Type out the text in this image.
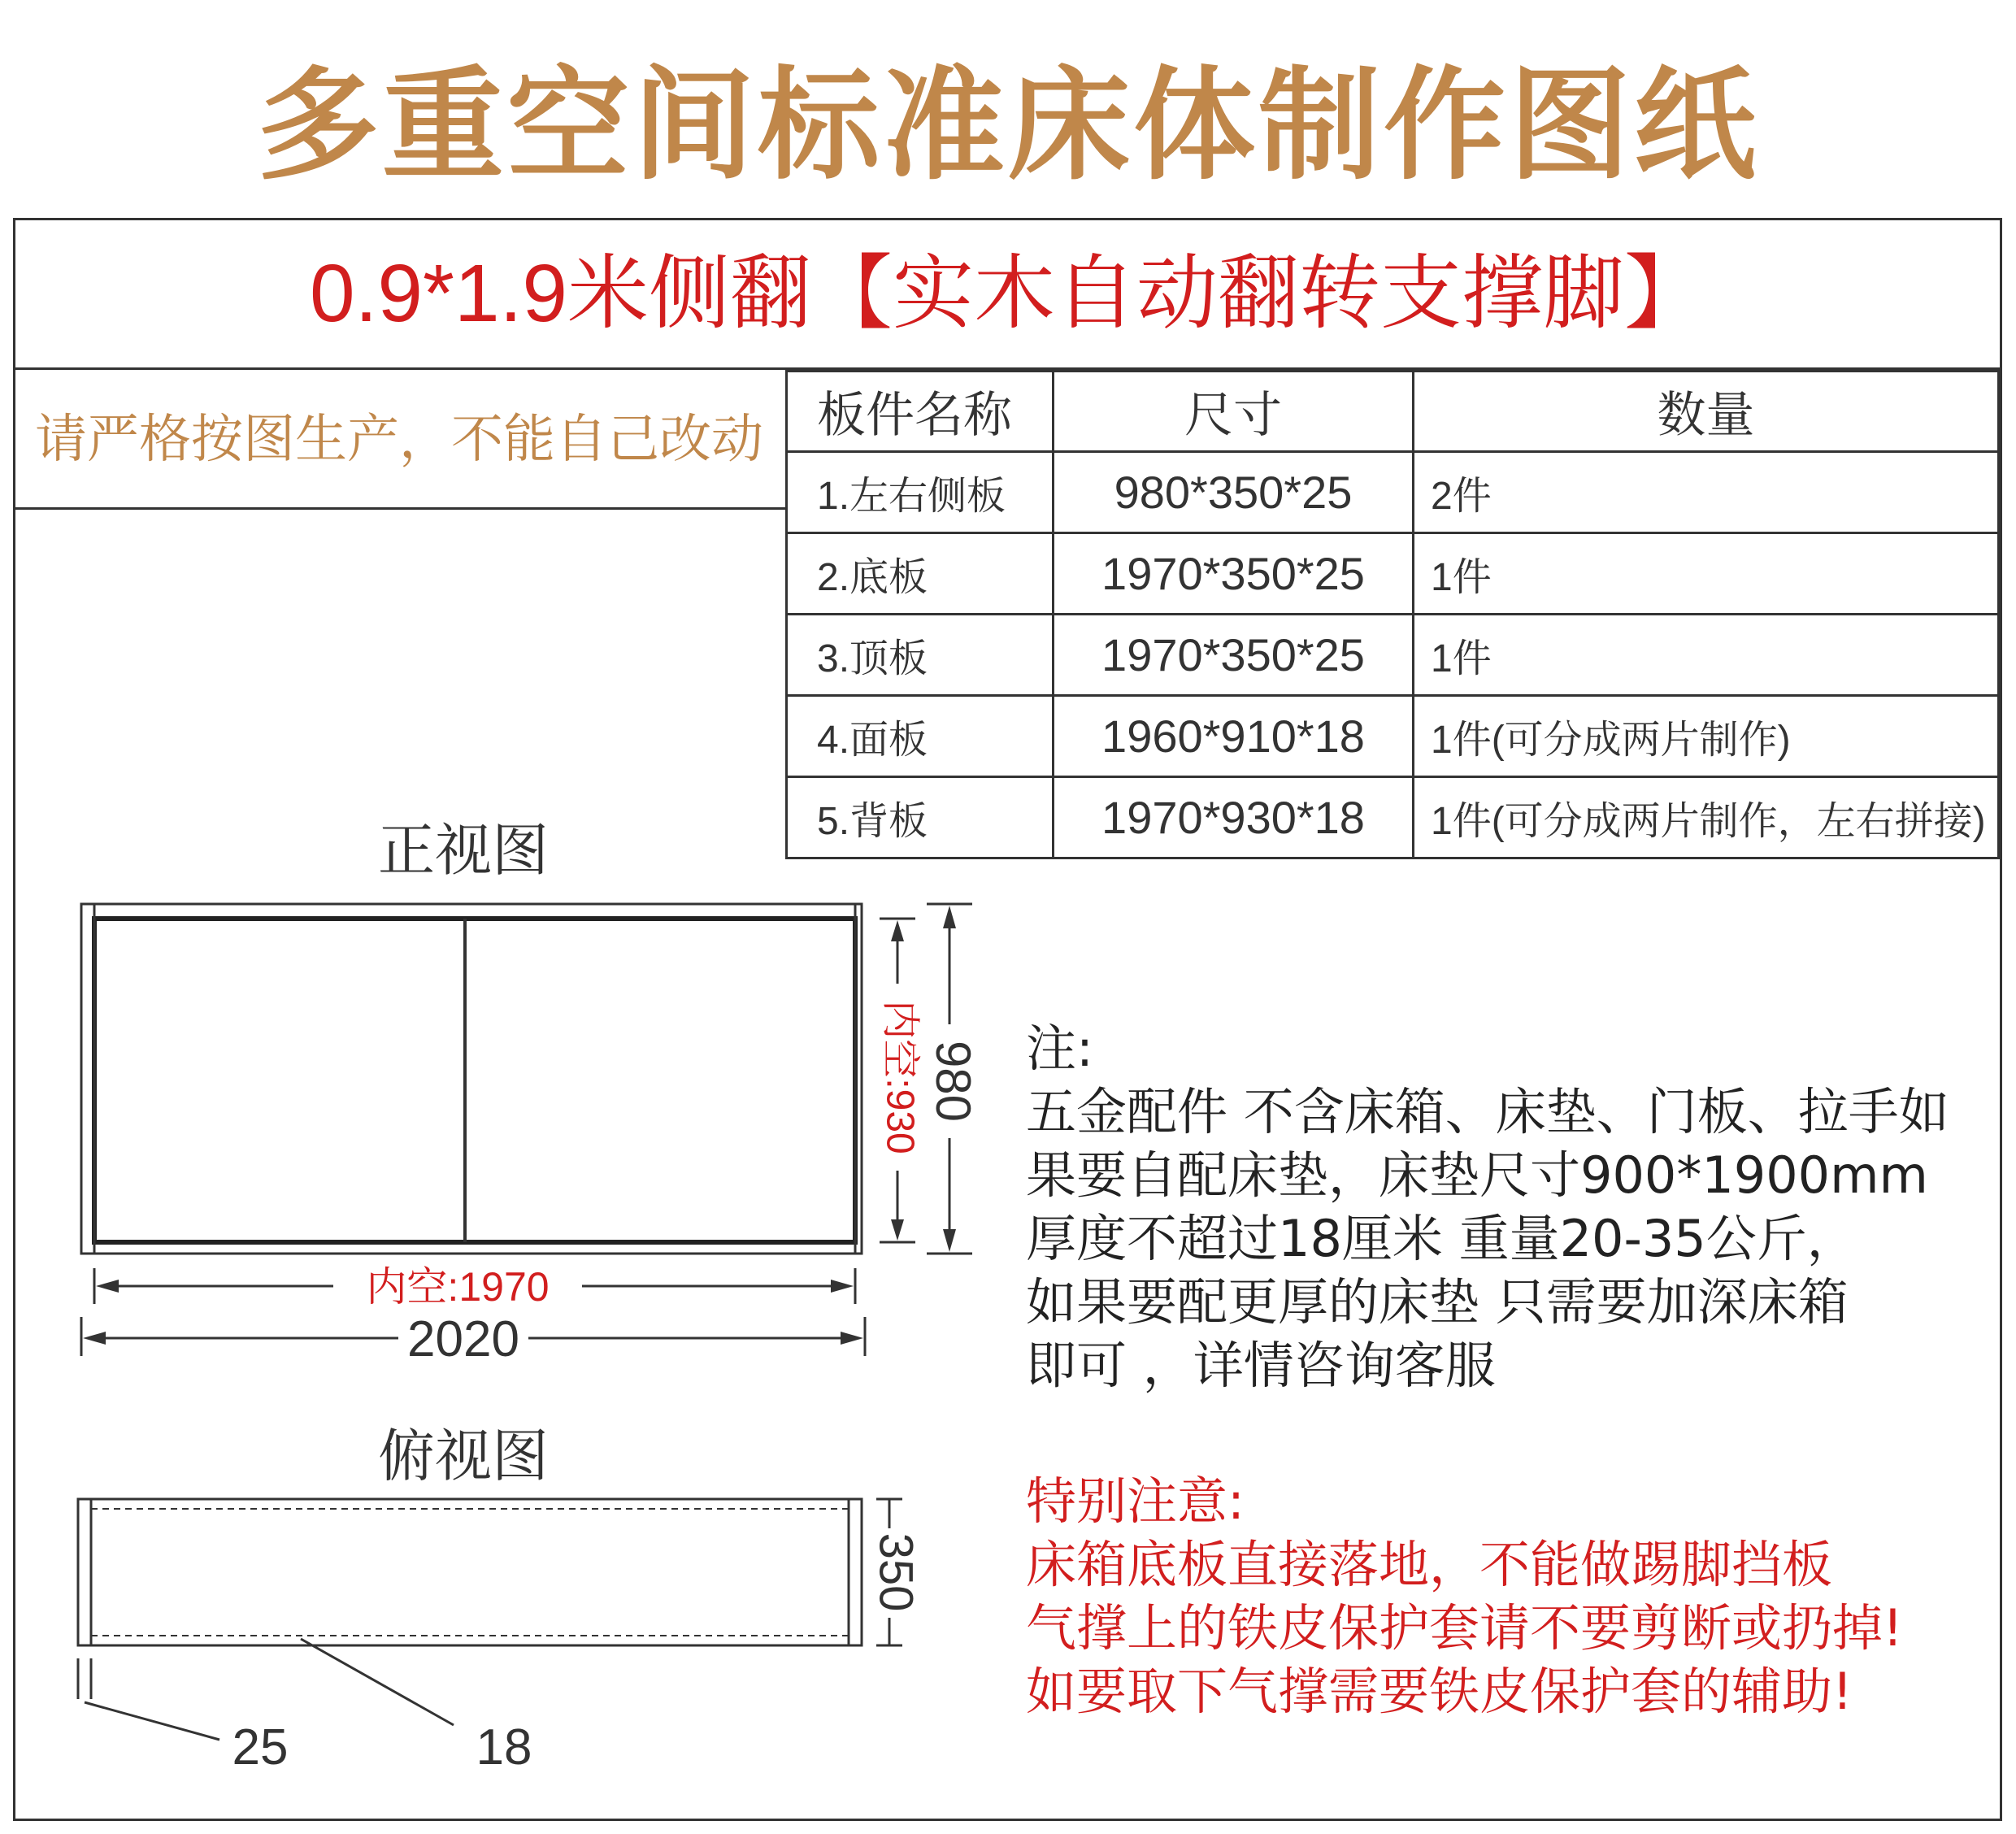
多重空间标准床体制作图纸
0.9*1.9米侧翻【实木自动翻转支撑脚】
请严格按图生产，不能自己改动	板件名称	尺寸	数量
1.左右侧板	980*350*25	2件
2.底板	1970*350*25	1件
3.顶板	1970*350*25	1件
4.面板	1960*910*18	1件(可分成两片制作)
5.背板	1970*930*18	1件(可分成两片制作，左右拼接)
正视图
内空:930 980
内空:1970
2020
350
25	18
俯视图
注:
五金配件 不含床箱、床垫、门板、拉手如
果要自配床垫，床垫尺寸900*1900mm
厚度不超过18厘米 重量20-35公斤，
如果要配更厚的床垫 只需要加深床箱
即可 ，详情咨询客服
特别注意:
床箱底板直接落地，不能做踢脚挡板
气撑上的铁皮保护套请不要剪断或扔掉!
如要取下气撑需要铁皮保护套的辅助!
